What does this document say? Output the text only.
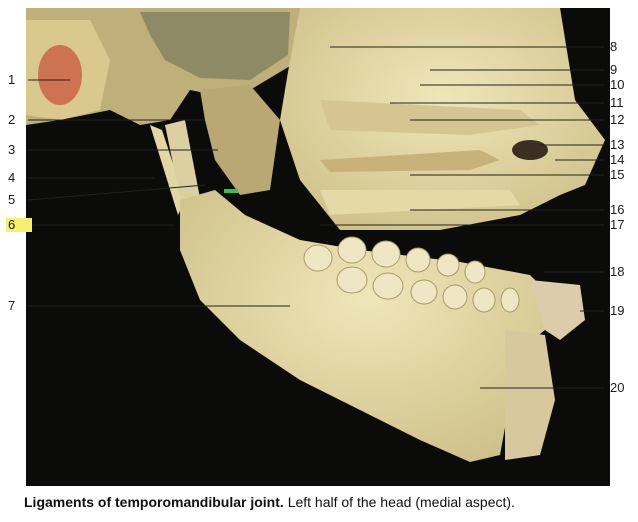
1
2
3
4
5
6
7
8
9
10
11
12
13
14
15
16
17
18
19
20
Ligaments of temporomandibular joint. Left half of the head (medial aspect).
